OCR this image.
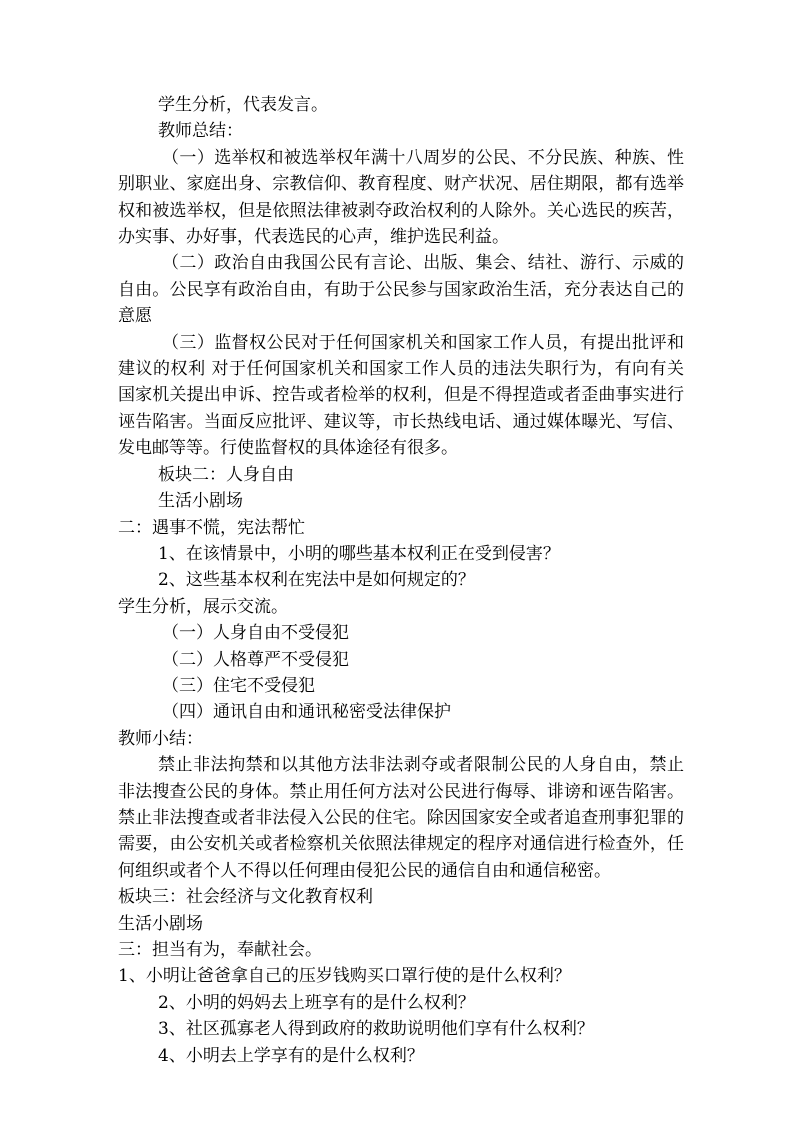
学生分析，代表发言。

教师总结：

（一）选举权和被选举权年满十八周岁的公民、不分民族、种族、性别职业、家庭出身、宗教信仰、教育程度、财产状况、居住期限，都有选举权和被选举权，但是依照法律被剥夺政治权利的人除外。关心选民的疾苦，办实事、办好事，代表选民的心声，维护选民利益。

（二）政治自由我国公民有言论、出版、集会、结社、游行、示威的自由。公民享有政治自由，有助于公民参与国家政治生活，充分表达自己的意愿

（三）监督权公民对于任何国家机关和国家工作人员，有提出批评和建议的权利 对于任何国家机关和国家工作人员的违法失职行为，有向有关国家机关提出申诉、控告或者检举的权利，但是不得捏造或者歪曲事实进行诬告陷害。当面反应批评、建议等，市长热线电话、通过媒体曝光、写信、发电邮等等。行使监督权的具体途径有很多。

板块二：人身自由

生活小剧场

二：遇事不慌，宪法帮忙

1、在该情景中，小明的哪些基本权利正在受到侵害？

2、这些基本权利在宪法中是如何规定的？

学生分析，展示交流。

（一）人身自由不受侵犯

（二）人格尊严不受侵犯

（三）住宅不受侵犯

（四）通讯自由和通讯秘密受法律保护

教师小结：

禁止非法拘禁和以其他方法非法剥夺或者限制公民的人身自由，禁止非法搜查公民的身体。禁止用任何方法对公民进行侮辱、诽谤和诬告陷害。禁止非法搜查或者非法侵入公民的住宅。除因国家安全或者追查刑事犯罪的需要，由公安机关或者检察机关依照法律规定的程序对通信进行检查外，任何组织或者个人不得以任何理由侵犯公民的通信自由和通信秘密。

板块三：社会经济与文化教育权利

生活小剧场

三：担当有为，奉献社会。

1、小明让爸爸拿自己的压岁钱购买口罩行使的是什么权利？

2、小明的妈妈去上班享有的是什么权利？

3、社区孤寡老人得到政府的救助说明他们享有什么权利？

4、小明去上学享有的是什么权利？
